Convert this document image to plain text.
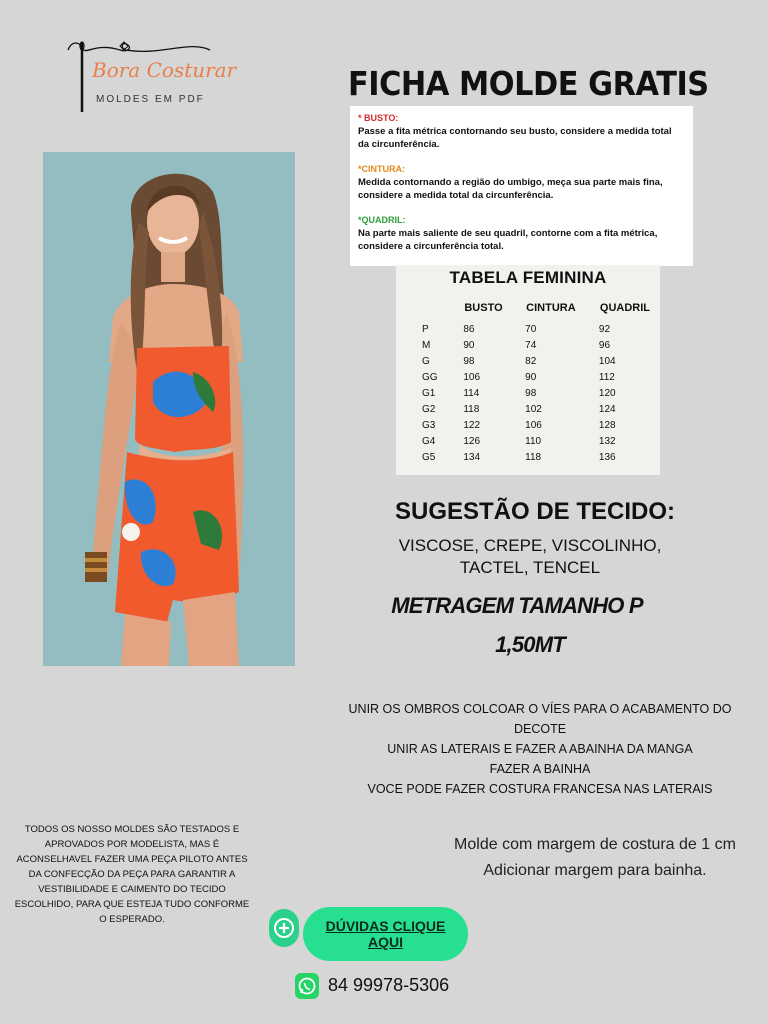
Bora Costurar
MOLDES EM PDF	FICHA MOLDE GRATIS
* BUSTO:
Passe a fita métrica contornando seu busto, considere a medida total da circunferência.
*CINTURA:
Medida contornando a região do umbigo, meça sua parte mais fina, considere a medida total da circunferência.
*QUADRIL:
Na parte mais saliente de seu quadril, contorne com a fita métrica, considere a circunferência total.
TABELA FEMININA
	BUSTO	CINTURA	QUADRIL
P	86	70	92
M	90	74	96
G	98	82	104
GG	106	90	112
G1	114	98	120
G2	118	102	124
G3	122	106	128
G4	126	110	132
G5	134	118	136
SUGESTÃO DE TECIDO:
VISCOSE, CREPE, VISCOLINHO,
TACTEL, TENCEL
METRAGEM TAMANHO P
1,50MT
UNIR OS OMBROS COLCOAR O VÍES PARA O ACABAMENTO DO DECOTE
UNIR AS LATERAIS E FAZER A ABAINHA DA MANGA
FAZER A BAINHA
VOCE PODE FAZER COSTURA FRANCESA NAS LATERAIS
TODOS OS NOSSO MOLDES SÃO TESTADOS E APROVADOS POR MODELISTA, MAS É ACONSELHAVEL FAZER UMA PEÇA PILOTO ANTES DA CONFECÇÃO DA PEÇA PARA GARANTIR A VESTIBILIDADE E CAIMENTO DO TECIDO ESCOLHIDO, PARA QUE ESTEJA TUDO CONFORME O ESPERADO.
Molde com margem de costura de 1 cm
Adicionar margem para bainha.
DÚVIDAS CLIQUE AQUI
84 99978-5306
